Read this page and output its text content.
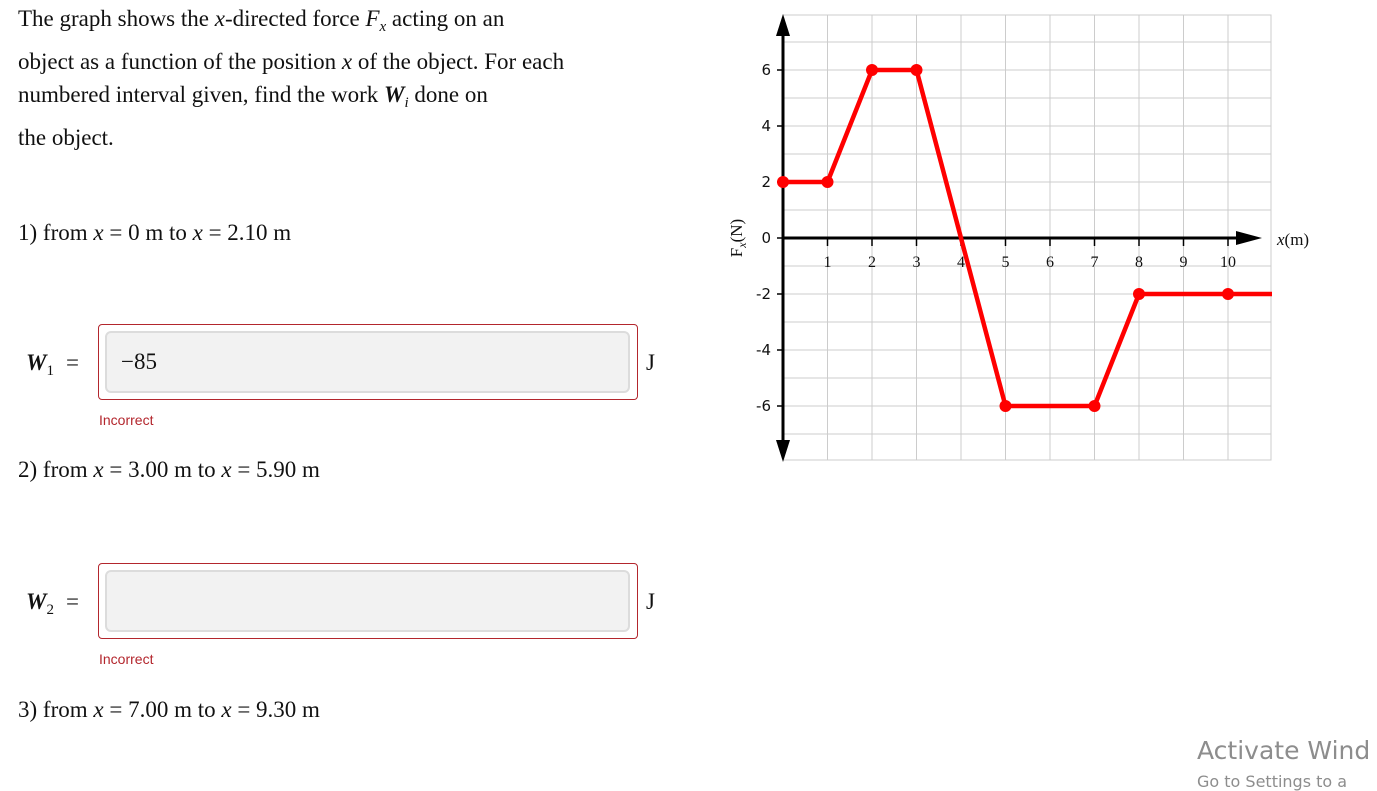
The graph shows the x-directed force $F_x$ acting on an
object as a function of the position x of the object. For each
numbered interval given, find the work $W_i$ done on
the object.
1) from x = 0 m to x = 2.10 m
$W_1$ =
−85	J
Incorrect
2) from x = 3.00 m to x = 5.90 m
$W_2$ =	J
Incorrect
3) from x = 7.00 m to x = 9.30 m
6
4
2
0
-2
-4
-6
1 2 3 4 5 6 7 8 9 10
$F_x(N)$	x(m)
Activate Wind
Go to Settings to a
